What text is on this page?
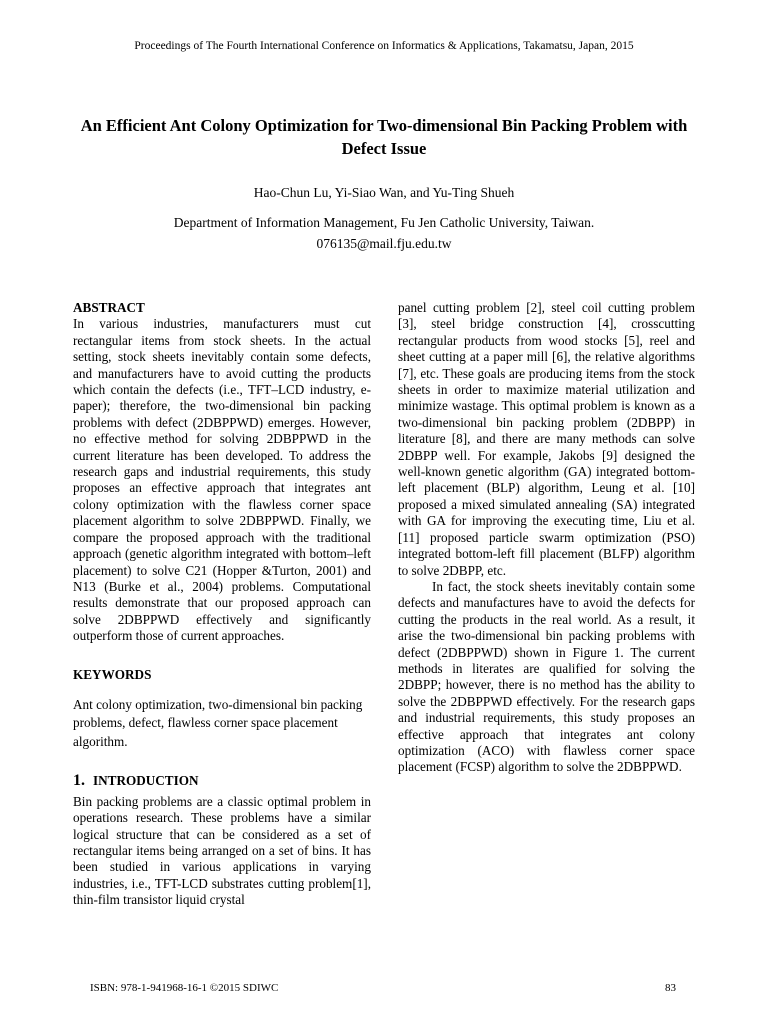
Proceedings of The Fourth International Conference on Informatics & Applications, Takamatsu, Japan, 2015
An Efficient Ant Colony Optimization for Two-dimensional Bin Packing Problem with Defect Issue
Hao-Chun Lu, Yi-Siao Wan, and Yu-Ting Shueh
Department of Information Management, Fu Jen Catholic University, Taiwan.
076135@mail.fju.edu.tw
ABSTRACT

In various industries, manufacturers must cut rectangular items from stock sheets. In the actual setting, stock sheets inevitably contain some defects, and manufacturers have to avoid cutting the products which contain the defects (i.e., TFT–LCD industry, e-paper); therefore, the two-dimensional bin packing problems with defect (2DBPPWD) emerges. However, no effective method for solving 2DBPPWD in the current literature has been developed. To address the research gaps and industrial requirements, this study proposes an effective approach that integrates ant colony optimization with the flawless corner space placement algorithm to solve 2DBPPWD. Finally, we compare the proposed approach with the traditional approach (genetic algorithm integrated with bottom–left placement) to solve C21 (Hopper &Turton, 2001) and N13 (Burke et al., 2004) problems. Computational results demonstrate that our proposed approach can solve 2DBPPWD effectively and significantly outperform those of current approaches.

KEYWORDS

Ant colony optimization, two-dimensional bin packing problems, defect, flawless corner space placement algorithm.

1. INTRODUCTION

Bin packing problems are a classic optimal problem in operations research. These problems have a similar logical structure that can be considered as a set of rectangular items being arranged on a set of bins. It has been studied in various applications in varying industries, i.e., TFT-LCD substrates cutting problem[1], thin-film transistor liquid crystal

panel cutting problem [2], steel coil cutting problem [3], steel bridge construction [4], crosscutting rectangular products from wood stocks [5], reel and sheet cutting at a paper mill [6], the relative algorithms [7], etc. These goals are producing items from the stock sheets in order to maximize material utilization and minimize wastage. This optimal problem is known as a two-dimensional bin packing problem (2DBPP) in literature [8], and there are many methods can solve 2DBPP well. For example, Jakobs [9] designed the well-known genetic algorithm (GA) integrated bottom-left placement (BLP) algorithm, Leung et al. [10] proposed a mixed simulated annealing (SA) integrated with GA for improving the executing time, Liu et al. [11] proposed particle swarm optimization (PSO) integrated bottom-left fill placement (BLFP) algorithm to solve 2DBPP, etc.

In fact, the stock sheets inevitably contain some defects and manufactures have to avoid the defects for cutting the products in the real world. As a result, it arise the two-dimensional bin packing problems with defect (2DBPPWD) shown in Figure 1. The current methods in literates are qualified for solving the 2DBPP; however, there is no method has the ability to solve the 2DBPPWD effectively. For the research gaps and industrial requirements, this study proposes an effective approach that integrates ant colony optimization (ACO) with flawless corner space placement (FCSP) algorithm to solve the 2DBPPWD.

ISBN: 978-1-941968-16-1 ©2015 SDIWC	83
